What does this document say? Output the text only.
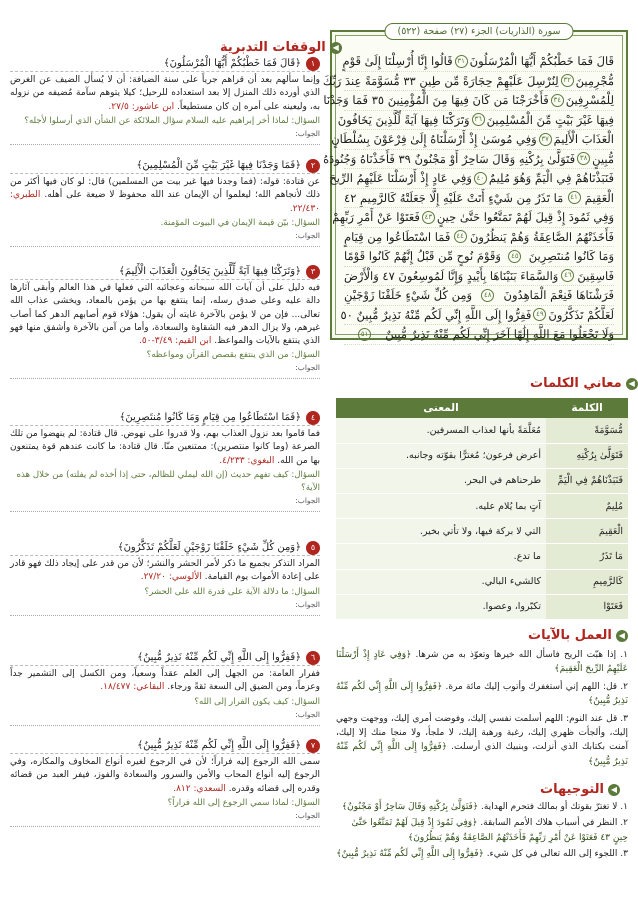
سورة (الذاريات) الجزء (٢٧) صفحة (٥٢٢)
قَالَ فَمَا خَطْبُكُمْ أَيُّهَا الْمُرْسَلُونَ
٣١
قَالُوا إِنَّا أُرْسِلْنَا إِلَىٰ قَوْمٍ
مُّجْرِمِينَ
٣٢
لِنُرْسِلَ عَلَيْهِمْ حِجَارَةً مِّن طِينٍ ٣٣ مُّسَوَّمَةً عِندَ رَبِّكَ
لِلْمُسْرِفِينَ
٣٤
فَأَخْرَجْنَا مَن كَانَ فِيهَا مِنَ الْمُؤْمِنِينَ ٣٥ فَمَا وَجَدْنَا
فِيهَا غَيْرَ بَيْتٍ مِّنَ الْمُسْلِمِينَ
٣٦
وَتَرَكْنَا فِيهَا آيَةً لِّلَّذِينَ يَخَافُونَ
الْعَذَابَ الْأَلِيمَ
٣٧
وَفِي مُوسَىٰ إِذْ أَرْسَلْنَاهُ إِلَىٰ فِرْعَوْنَ بِسُلْطَانٍ
مُّبِينٍ
٣٨
فَتَوَلَّىٰ بِرُكْنِهِ وَقَالَ سَاحِرٌ أَوْ مَجْنُونٌ ٣٩ فَأَخَذْنَاهُ وَجُنُودَهُ
فَنَبَذْنَاهُمْ فِي الْيَمِّ وَهُوَ مُلِيمٌ
٤٠
وَفِي عَادٍ إِذْ أَرْسَلْنَا عَلَيْهِمُ الرِّيحَ
الْعَقِيمَ
٤١
مَا تَذَرُ مِن شَيْءٍ أَتَتْ عَلَيْهِ إِلَّا جَعَلَتْهُ كَالرَّمِيمِ ٤٢
وَفِي ثَمُودَ إِذْ قِيلَ لَهُمْ تَمَتَّعُوا حَتَّىٰ حِينٍ
٤٣
فَعَتَوْا عَنْ أَمْرِ رَبِّهِمْ
فَأَخَذَتْهُمُ الصَّاعِقَةُ وَهُمْ يَنظُرُونَ
٤٤
فَمَا اسْتَطَاعُوا مِن قِيَامٍ
وَمَا كَانُوا مُنتَصِرِينَ
٤٥
وَقَوْمَ نُوحٍ مِّن قَبْلُ إِنَّهُمْ كَانُوا قَوْمًا
فَاسِقِينَ
٤٦
وَالسَّمَاءَ بَنَيْنَاهَا بِأَيْيدٍ وَإِنَّا لَمُوسِعُونَ ٤٧ وَالْأَرْضَ
فَرَشْنَاهَا فَنِعْمَ الْمَاهِدُونَ
٤٨
وَمِن كُلِّ شَيْءٍ خَلَقْنَا زَوْجَيْنِ
لَعَلَّكُمْ تَذَكَّرُونَ
٤٩
فَفِرُّوا إِلَى اللَّهِ إِنِّي لَكُم مِّنْهُ نَذِيرٌ مُّبِينٌ ٥٠
وَلَا تَجْعَلُوا مَعَ اللَّهِ إِلَٰهًا آخَرَ إِنِّي لَكُم مِّنْهُ نَذِيرٌ مُّبِينٌ
٥١
◀
الوقفات التدبرية
١
﴿قَالَ فَمَا خَطْبُكُمْ أَيُّهَا الْمُرْسَلُونَ﴾
وإنما سألهم بعد أن قراهم جرياً على سنة الضيافة: أن لا يُسأل الضيف عن الغرض الذي أورده ذلك المنزل إلا بعد استعداده للرحيل؛ كيلا يتوهم سآمة مُضيفه من نزوله به، وليعينه على أمره إن كان مستطيعاً. ابن عاشور: ٢٧/٥.
السؤال: لماذا أخر إبراهيم عليه السلام سؤال الملائكة عن الشأن الذي أرسلوا لأجله؟
الجواب:
٢
﴿فَمَا وَجَدْنَا فِيهَا غَيْرَ بَيْتٍ مِّنَ الْمُسْلِمِينَ﴾
عن قتادة: قوله: (فما وجدنا فيها غير بيت من المسلمين) قال: لو كان فيها أكثر من ذلك لأنجاهم الله؛ ليعلموا أن الإيمان عند الله محفوظ لا ضيعة على أهله. الطبري: ٢٢/٤٣٠.
السؤال: بيّن قيمة الإيمان في البيوت المؤمنة.
الجواب:
٣
﴿وَتَرَكْنَا فِيهَا آيَةً لِّلَّذِينَ يَخَافُونَ الْعَذَابَ الْأَلِيمَ﴾
فيه دليل على أن آيات الله سبحانه وعجائبه التي فعلها في هذا العالم وأبقى آثارها دالة عليه وعلى صدق رسله، إنما ينتفع بها من يؤمن بالمعاد، ويخشى عذاب الله تعالى... فإن من لا يؤمن بالآخرة غايته أن يقول: هؤلاء قوم أصابهم الدهر كما أصاب غيرهم، ولا يزال الدهر فيه الشقاوة والسعادة، وأما من آمن بالآخرة وأشفق منها فهو الذي ينتفع بالآيات والمواعظ. ابن القيم: ٣/٤٩-٥٠.
السؤال: من الذي ينتفع بقصص القرآن ومواعظه؟
الجواب:
٤
﴿فَمَا اسْتَطَاعُوا مِن قِيَامٍ وَمَا كَانُوا مُنتَصِرِينَ﴾
فما قاموا بعد نزول العذاب بهم، ولا قدروا على نهوض. قال قتادة: لم ينهضوا من تلك الصرعة (وما كانوا منتصرين): ممتنعين منّا. قال قتادة: ما كانت عندهم قوة يمتنعون بها من الله. البغوي: ٤/٢٣٣.
السؤال: كيف تفهم حديث (إن الله ليملي للظالم، حتى إذا أخذه لم يفلته) من خلال هذه الآية؟
الجواب:
٥
﴿وَمِن كُلِّ شَيْءٍ خَلَقْنَا زَوْجَيْنِ لَعَلَّكُمْ تَذَكَّرُونَ﴾
المراد التذكر بجميع ما ذكر لأمر الحشر والنشر؛ لأن من قدر على إيجاد ذلك فهو قادر على إعادة الأموات يوم القيامة. الألوسي: ٢٧/٢٠.
السؤال: ما دلالة الآية على قدرة الله على الحشر؟
الجواب:
٦
﴿فَفِرُّوا إِلَى اللَّهِ إِنِّي لَكُم مِّنْهُ نَذِيرٌ مُّبِينٌ﴾
ففرار العامة: من الجهل إلى العلم عقداً وسعياً، ومن الكسل إلى التشمير جداً وعزماً، ومن الضيق إلى السعة ثقةً ورجاء. البقاعي: ١٨/٤٧٧.
السؤال: كيف يكون الفرار إلى الله؟
الجواب:
٧
﴿فَفِرُّوا إِلَى اللَّهِ إِنِّي لَكُم مِّنْهُ نَذِيرٌ مُّبِينٌ﴾
سمى الله الرجوع إليه فراراً؛ لأن في الرجوع لغيره أنواع المخاوف والمكاره، وفي الرجوع إليه أنواع المحاب والأمن والسرور والسعادة والفوز، فيفر العبد من قضائه وقدره إلى قضائه وقدره. السعدي: ٨١٢.
السؤال: لماذا سمي الرجوع إلى الله فراراً؟
الجواب:
◀
معاني الكلمات
الكلمة	المعنى
مُّسَوَّمَةً	مُعَلَّمَةً بأنها لعذاب المسرفين.
فَتَوَلَّىٰ بِرُكْنِهِ	أعرض فرعون؛ مُغترًّا بقوّته وجانبه.
فَنَبَذْنَاهُمْ فِي الْيَمِّ	طرحناهم في البحر.
مُلِيمٌ	آتٍ بما يُلام عليه.
الْعَقِيمَ	التي لا بركة فيها، ولا تأتي بخير.
مَا تَذَرُ	ما تدع.
كَالرَّمِيمِ	كالشيء البالي.
فَعَتَوْا	تكبّروا، وعصوا.
◀
العمل بالآيات

١. إذا هبّت الريح فاسأل الله خيرها وتعوّذ به من شرها. ﴿وَفِي عَادٍ إِذْ أَرْسَلْنَا عَلَيْهِمُ الرِّيحَ الْعَقِيمَ﴾

٢. قل: اللهم إني أستغفرك وأتوب إليك مائة مرة. ﴿فَفِرُّوا إِلَى اللَّهِ إِنِّي لَكُم مِّنْهُ نَذِيرٌ مُّبِينٌ﴾

٣. قل عند النوم: اللهم أسلمت نفسي إليك، وفوضت أمري إليك، ووجهت وجهي إليك، وألجأت ظهري إليك، رغبة ورهبة إليك، لا ملجأ، ولا منجا منك إلا إليك، آمنت بكتابك الذي أنزلت، وبنبيك الذي أرسلت. ﴿فَفِرُّوا إِلَى اللَّهِ إِنِّي لَكُم مِّنْهُ نَذِيرٌ مُّبِينٌ﴾

◀
التوجيهات

١. لا تغترّ بقوتك أو بمالك فتحرم الهداية. ﴿فَتَوَلَّىٰ بِرُكْنِهِ وَقَالَ سَاحِرٌ أَوْ مَجْنُونٌ﴾

٢. النظر في أسباب هلاك الأمم السابقة. ﴿وَفِي ثَمُودَ إِذْ قِيلَ لَهُمْ تَمَتَّعُوا حَتَّىٰ حِينٍ ٤٣ فَعَتَوْا عَنْ أَمْرِ رَبِّهِمْ فَأَخَذَتْهُمُ الصَّاعِقَةُ وَهُمْ يَنظُرُونَ﴾

٣. اللجوء إلى الله تعالى في كل شيء. ﴿فَفِرُّوا إِلَى اللَّهِ إِنِّي لَكُم مِّنْهُ نَذِيرٌ مُّبِينٌ﴾
